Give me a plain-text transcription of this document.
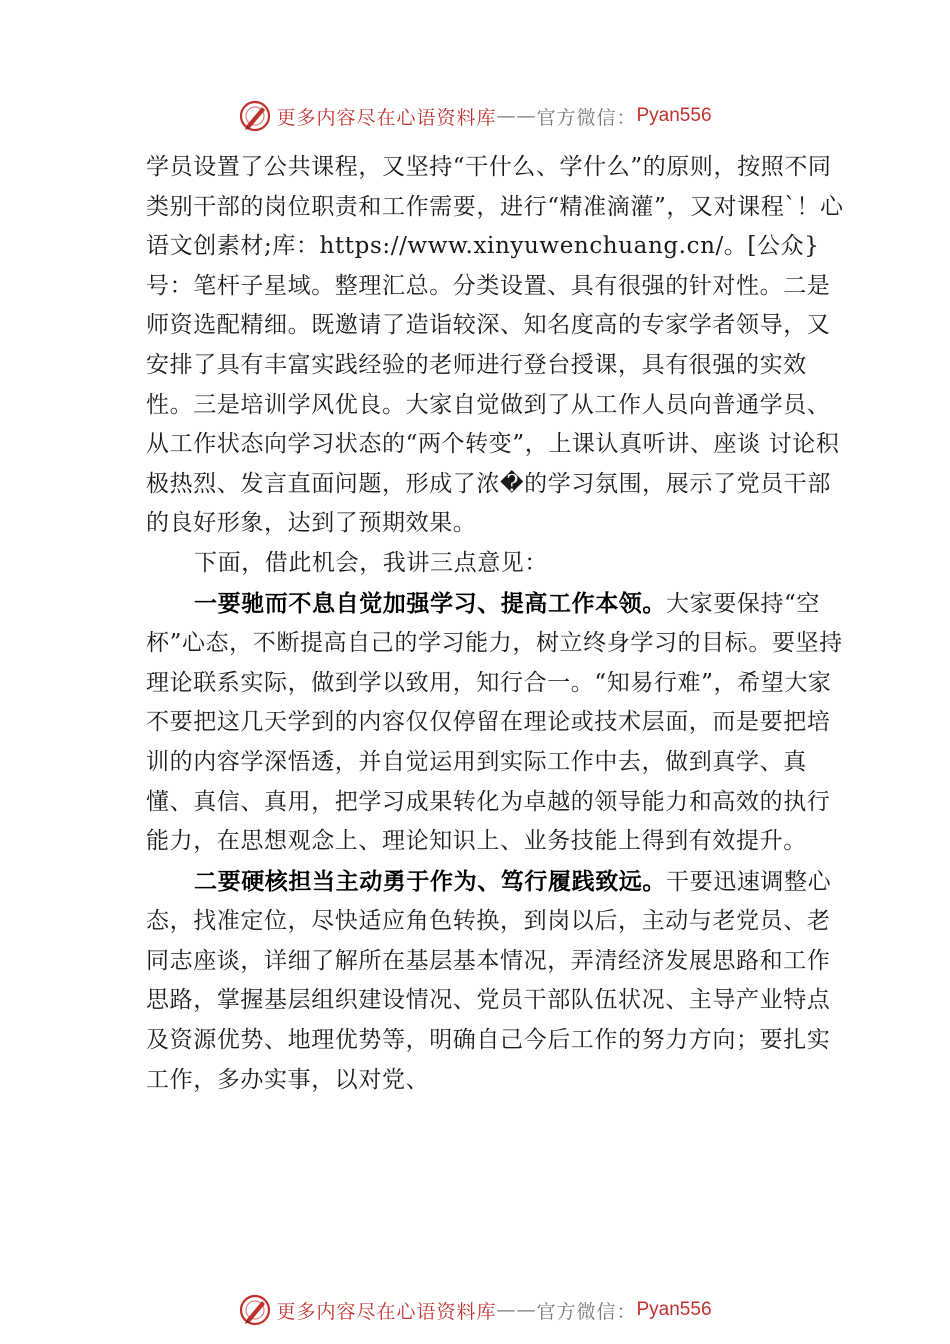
更多内容尽在心语资料库 —— 官方微信： Pyan556

学员设置了公共课程，又坚持“干什么、学什么”的原则，按照不同类别干部的岗位职责和工作需要，进行“精准滴灌”，又对课程`！心语文创素材;库：https://www.xinyuwenchuang.cn/。[公众}号：笔杆子星域。整理汇总。分类设置、具有很强的针对性。二是师资选配精细。既邀请了造诣较深、知名度高的专家学者领导，又安排了具有丰富实践经验的老师进行登台授课，具有很强的实效性。三是培训学风优良。大家自觉做到了从工作人员向普通学员、从工作状态向学习状态的“两个转变”，上课认真听讲、座谈 讨论积极热烈、发言直面问题，形成了浓�的学习氛围，展示了党员干部的良好形象，达到了预期效果。

下面，借此机会，我讲三点意见：

一要驰而不息自觉加强学习、提高工作本领。大家要保持“空杯”心态，不断提高自己的学习能力，树立终身学习的目标。要坚持理论联系实际，做到学以致用，知行合一。“知易行难”，希望大家不要把这几天学到的内容仅仅停留在理论或技术层面，而是要把培训的内容学深悟透，并自觉运用到实际工作中去，做到真学、真懂、真信、真用，把学习成果转化为卓越的领导能力和高效的执行能力，在思想观念上、理论知识上、业务技能上得到有效提升。

二要硬核担当主动勇于作为、笃行履践致远。干要迅速调整心态，找准定位，尽快适应角色转换，到岗以后，主动与老党员、老同志座谈，详细了解所在基层基本情况，弄清经济发展思路和工作思路，掌握基层组织建设情况、党员干部队伍状况、主导产业特点及资源优势、地理优势等，明确自己今后工作的努力方向；要扎实工作，多办实事，以对党、

更多内容尽在心语资料库 —— 官方微信： Pyan556
